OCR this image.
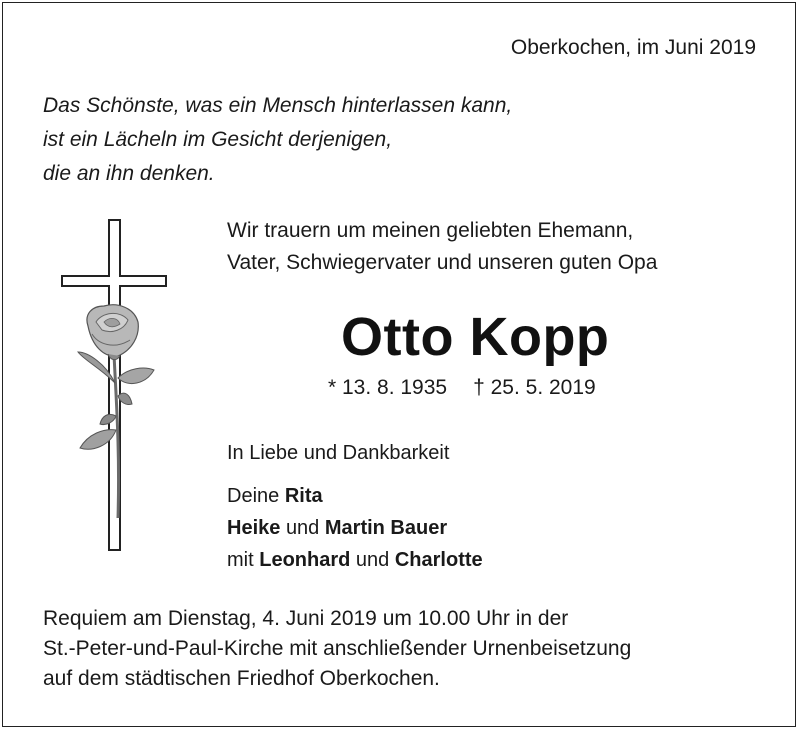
Oberkochen, im Juni 2019

Das Schönste, was ein Mensch hinterlassen kann,
ist ein Lächeln im Gesicht derjenigen,
die an ihn denken.
Wir trauern um meinen geliebten Ehemann,
Vater, Schwiegervater und unseren guten Opa

Otto Kopp

* 13. 8. 1935 † 25. 5. 2019

In Liebe und Dankbarkeit

Deine Rita
Heike und Martin Bauer
mit Leonhard und Charlotte
Requiem am Dienstag, 4. Juni 2019 um 10.00 Uhr in der
St.-Peter-und-Paul-Kirche mit anschließender Urnenbeisetzung
auf dem städtischen Friedhof Oberkochen.
